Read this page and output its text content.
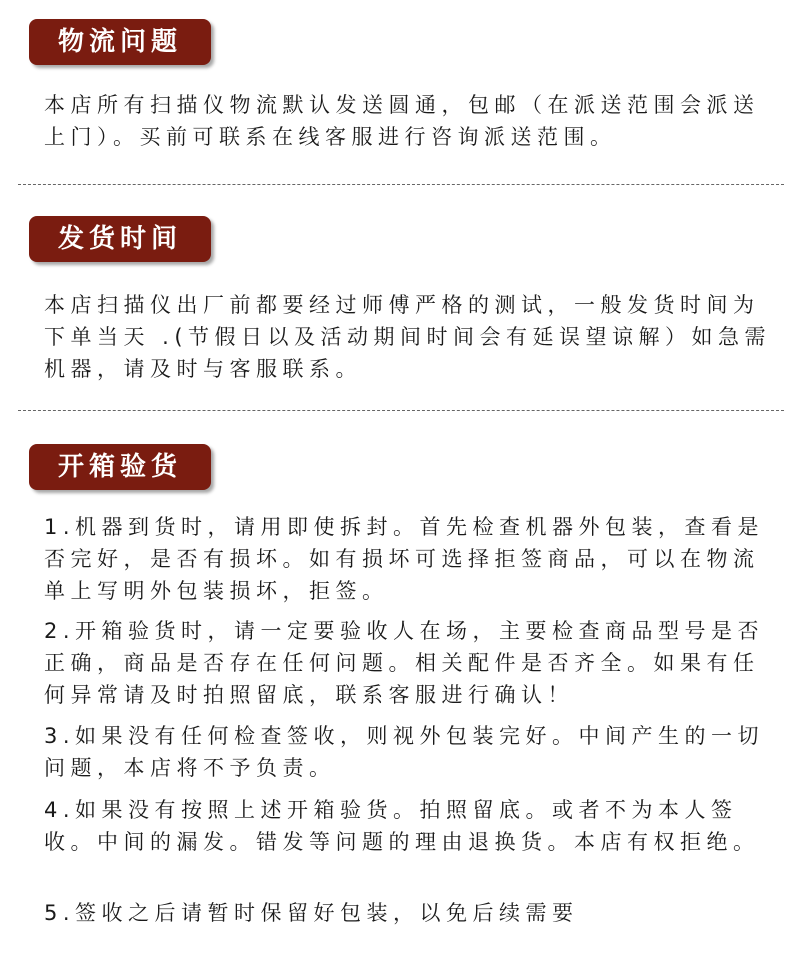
物流问题

本店所有扫描仪物流默认发送圆通，包邮（在派送范围会派送上门）。买前可联系在线客服进行咨询派送范围。

发货时间

本店扫描仪出厂前都要经过师傅严格的测试，一般发货时间为下单当天 .(节假日以及活动期间时间会有延误望谅解）如急需机器，请及时与客服联系。

开箱验货

1.机器到货时，请用即使拆封。首先检查机器外包装，查看是否完好，是否有损坏。如有损坏可选择拒签商品，可以在物流单上写明外包装损坏，拒签。

2.开箱验货时，请一定要验收人在场，主要检查商品型号是否正确，商品是否存在任何问题。相关配件是否齐全。如果有任何异常请及时拍照留底，联系客服进行确认！

3.如果没有任何检查签收，则视外包装完好。中间产生的一切问题，本店将不予负责。

4.如果没有按照上述开箱验货。拍照留底。或者不为本人签收。中间的漏发。错发等问题的理由退换货。本店有权拒绝。

5.签收之后请暂时保留好包装，以免后续需要
